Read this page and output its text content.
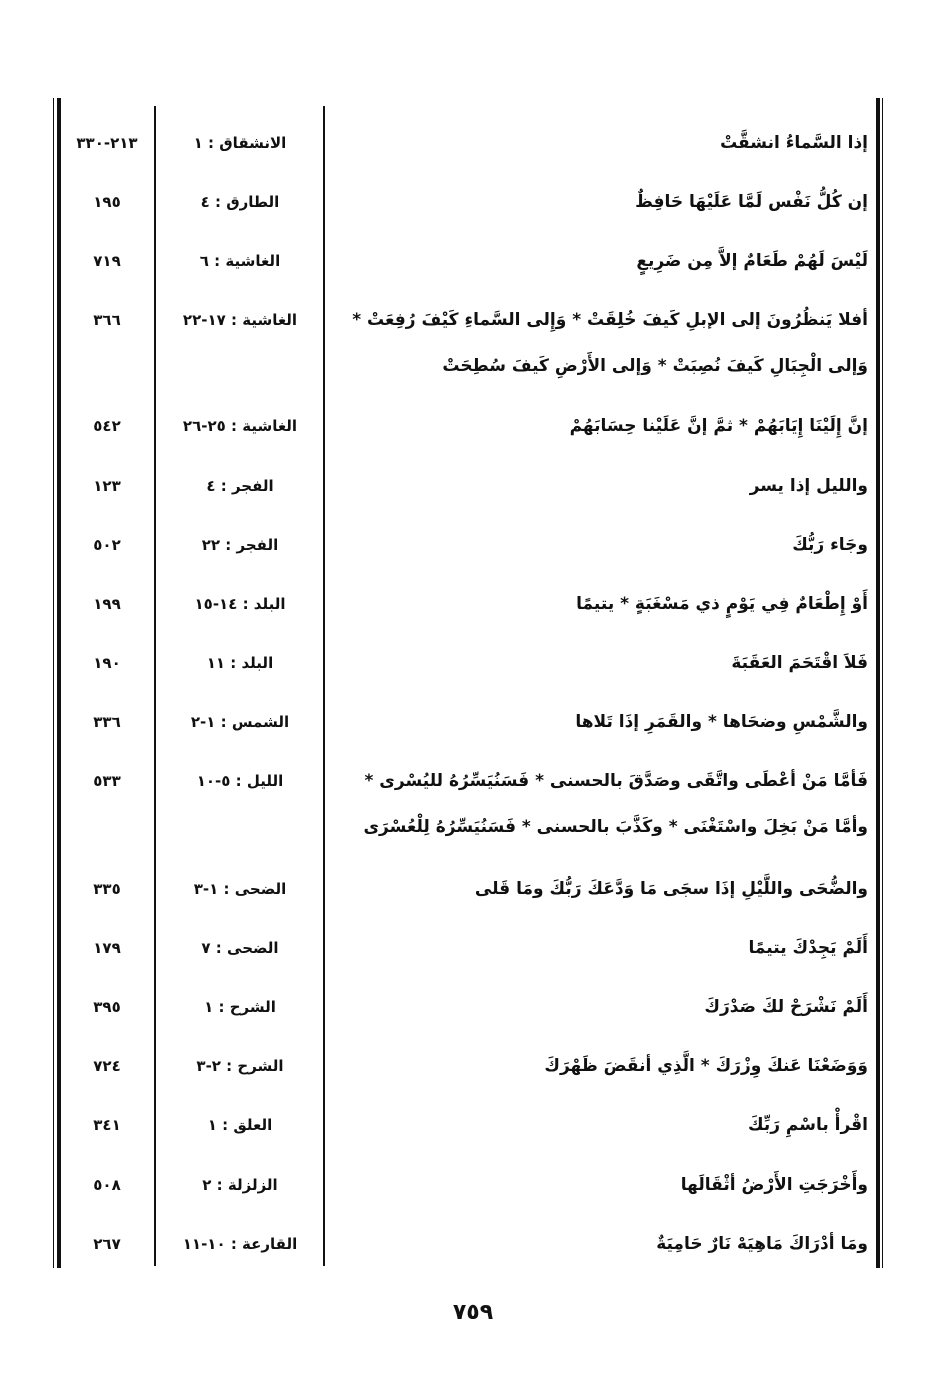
إذا السَّماءُ انشقَّتْ
الانشقاق : ١
٢١٣-٣٣٠
إن كُلُّ نَفْس لَمَّا عَلَيْهَا حَافِظٌ
الطارق : ٤
١٩٥
لَيْسَ لَهُمْ طَعَامٌ إلاَّ مِن ضَرِيعٍ
الغاشية : ٦
٧١٩
أفلا يَنظُرُونَ إلى الإبلِ كَيفَ خُلِقَتْ * وَإِلى السَّماءِ كَيْفَ رُفِعَتْ * وَإلى الْجِبَالِ كَيفَ نُصِبَتْ * وَإلى الأَرْضِ كَيفَ سُطِحَتْ
الغاشية : ١٧-٢٢
٣٦٦
إنَّ إِلَيْنَا إِيَابَهُمْ * ثمَّ إنَّ عَلَيْنا حِسَابَهُمْ
الغاشية : ٢٥-٢٦
٥٤٢
والليل إذا يسر
الفجر : ٤
١٢٣
وجَاء رَبُّكَ
الفجر : ٢٢
٥٠٢
أَوْ إِطْعَامٌ فِي يَوْمٍ ذي مَسْغَبَةٍ * يتيمًا
البلد : ١٤-١٥
١٩٩
فَلاَ اقْتَحَمَ العَقَبَةَ
البلد : ١١
١٩٠
والشَّمْسِ وضحَاها * والقَمَرِ إذَا تَلاها
الشمس : ١-٢
٣٣٦
فَأمَّا مَنْ أعْطَى واتَّقَى وصَدَّقَ بالحسنى * فَسَنُيَسِّرُهُ لليُسْرى * وأمَّا مَنْ بَخِلَ واسْتَغْنَى * وكَذَّبَ بالحسنى * فَسَنُيَسِّرُهُ لِلْعُسْرَى
الليل : ٥-١٠
٥٣٣
والضُّحَى واللَّيْلِ إذَا سجَى مَا وَدَّعَكَ رَبُّكَ ومَا قَلى
الضحى : ١-٣
٣٣٥
أَلَمْ يَجِدْكَ يتيمًا
الضحى : ٧
١٧٩
أَلَمْ نَشْرَحْ لكَ صَدْرَكَ
الشرح : ١
٣٩٥
وَوَضَعْنَا عَنكَ وِزْرَكَ * الَّذِي أنقَضَ ظَهْرَكَ
الشرح : ٢-٣
٧٢٤
اقْرأْ باسْمِ رَبِّكَ
العلق : ١
٣٤١
وأَخْرَجَتِ الأَرْضُ أثْقَالَها
الزلزلة : ٢
٥٠٨
ومَا أدْرَاكَ مَاهِيَهْ نَارٌ حَامِيَةٌ
القارعة : ١٠-١١
٢٦٧
٧٥٩
